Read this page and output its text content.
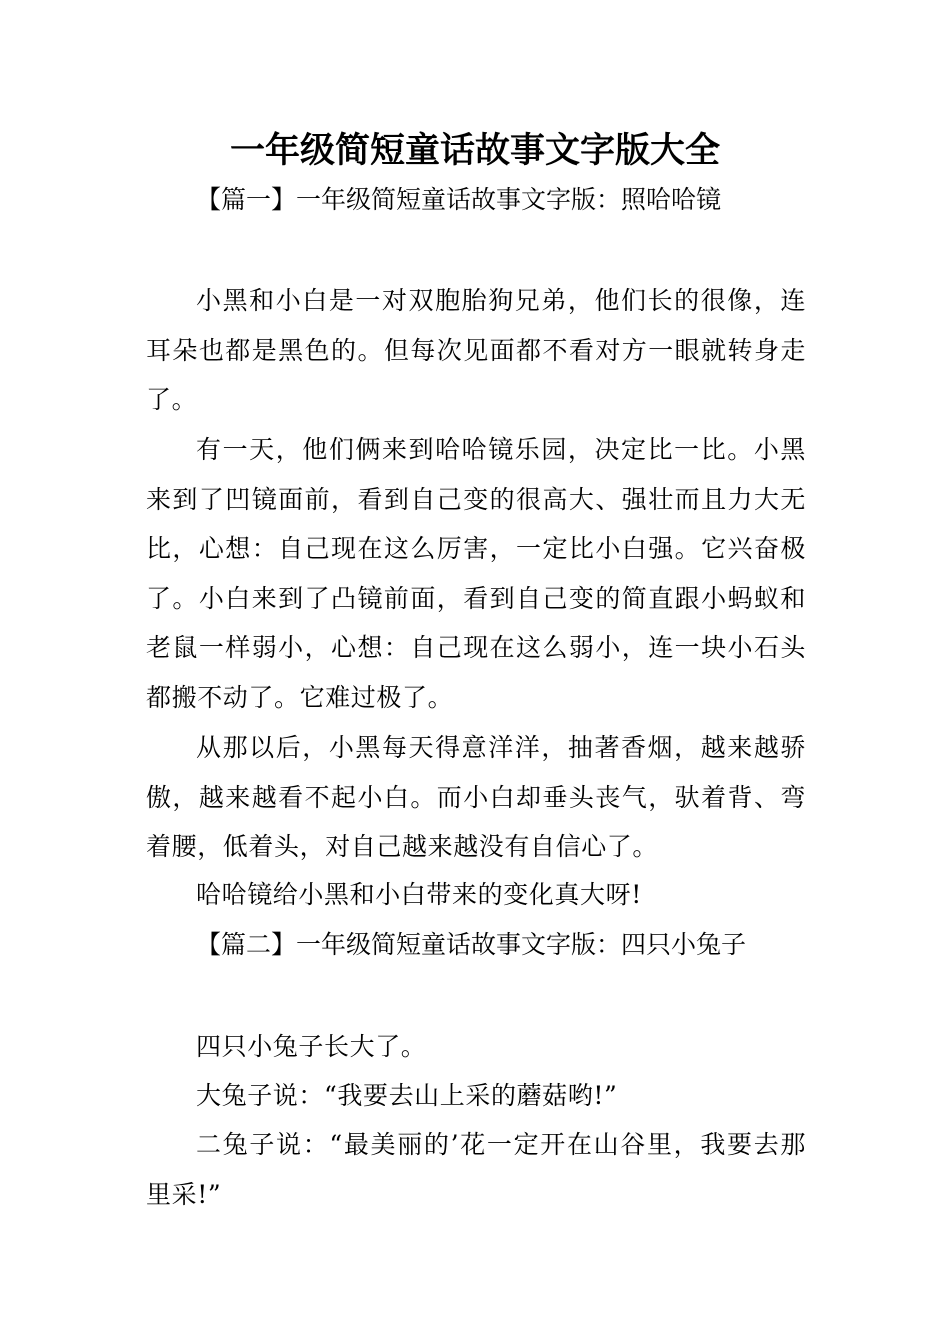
一年级简短童话故事文字版大全
【篇一】一年级简短童话故事文字版：照哈哈镜
小黑和小白是一对双胞胎狗兄弟，他们长的很像，连耳朵也都是黑色的。但每次见面都不看对方一眼就转身走了。
有一天，他们俩来到哈哈镜乐园，决定比一比。小黑来到了凹镜面前，看到自己变的很高大、强壮而且力大无比，心想：自己现在这么厉害，一定比小白强。它兴奋极了。小白来到了凸镜前面，看到自己变的简直跟小蚂蚁和老鼠一样弱小，心想：自己现在这么弱小，连一块小石头都搬不动了。它难过极了。
从那以后，小黑每天得意洋洋，抽著香烟，越来越骄傲，越来越看不起小白。而小白却垂头丧气，驮着背、弯着腰，低着头，对自己越来越没有自信心了。
哈哈镜给小黑和小白带来的变化真大呀!
【篇二】一年级简短童话故事文字版：四只小兔子
四只小兔子长大了。
大兔子说：“我要去山上采的蘑菇哟!”
二兔子说：“最美丽的’花一定开在山谷里，我要去那里采!”
